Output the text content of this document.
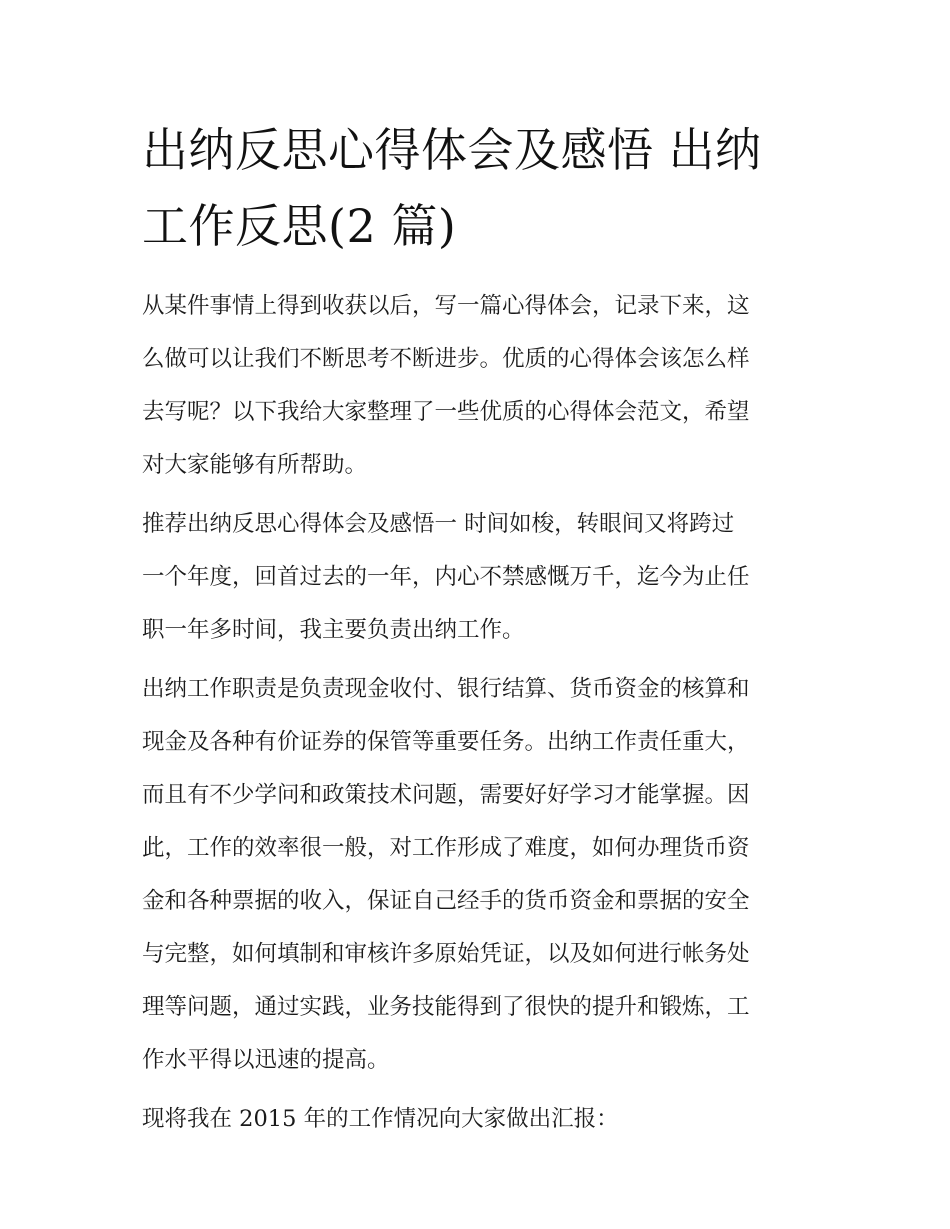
出纳反思心得体会及感悟 出纳
工作反思(2 篇)

从某件事情上得到收获以后，写一篇心得体会，记录下来，这
么做可以让我们不断思考不断进步。优质的心得体会该怎么样
去写呢？以下我给大家整理了一些优质的心得体会范文，希望
对大家能够有所帮助。

推荐出纳反思心得体会及感悟一 时间如梭，转眼间又将跨过
一个年度，回首过去的一年，内心不禁感慨万千，迄今为止任
职一年多时间，我主要负责出纳工作。

出纳工作职责是负责现金收付、银行结算、货币资金的核算和
现金及各种有价证券的保管等重要任务。出纳工作责任重大，
而且有不少学问和政策技术问题，需要好好学习才能掌握。因
此，工作的效率很一般，对工作形成了难度，如何办理货币资
金和各种票据的收入，保证自己经手的货币资金和票据的安全
与完整，如何填制和审核许多原始凭证，以及如何进行帐务处
理等问题，通过实践，业务技能得到了很快的提升和锻炼，工
作水平得以迅速的提高。

现将我在 2015 年的工作情况向大家做出汇报：
